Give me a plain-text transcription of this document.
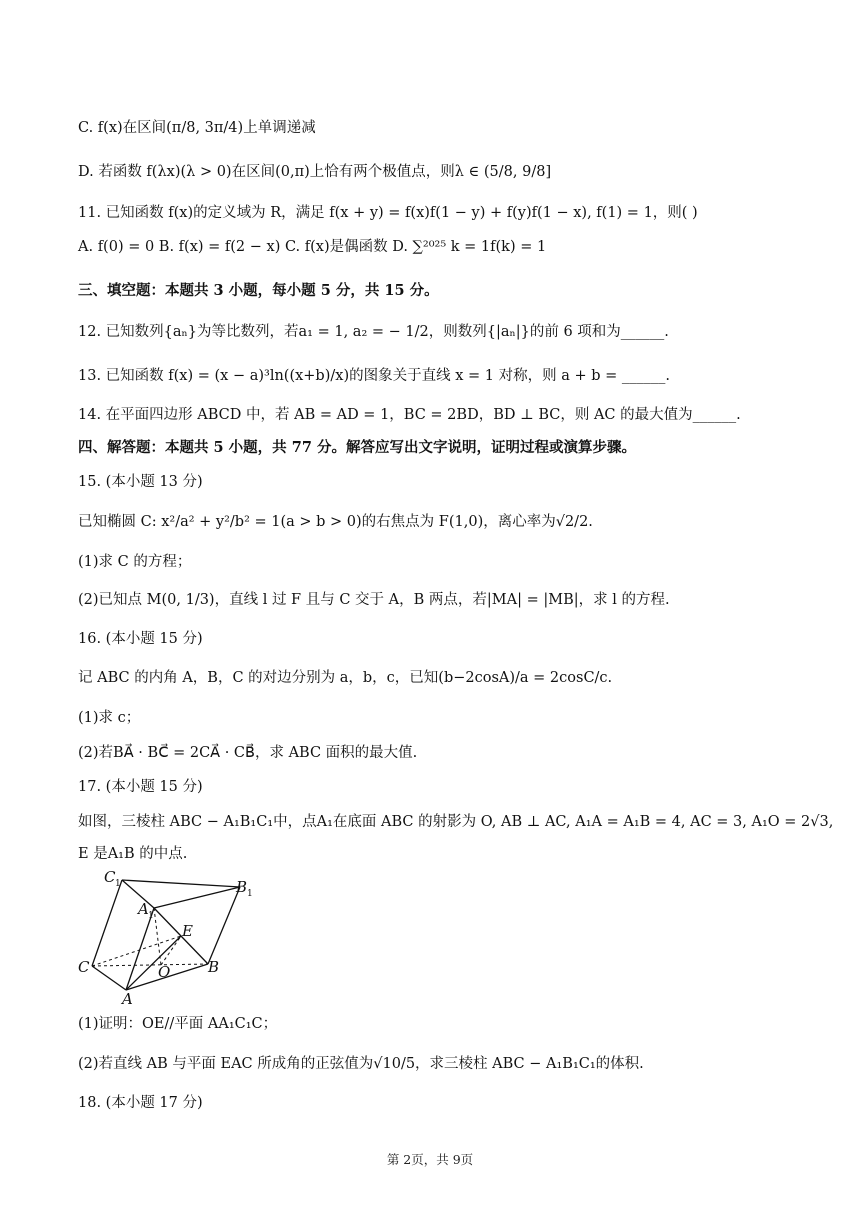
C. f(x)在区间(π/8, 3π/4)上单调递减
D. 若函数 f(λx)(λ > 0)在区间(0,π)上恰有两个极值点，则λ ∈ (5/8, 9/8]
11. 已知函数 f(x)的定义域为 R，满足 f(x + y) = f(x)f(1 − y) + f(y)f(1 − x), f(1) = 1，则( )
A. f(0) = 0 B. f(x) = f(2 − x) C. f(x)是偶函数 D. ∑²⁰²⁵ k = 1f(k) = 1
三、填空题：本题共 3 小题，每小题 5 分，共 15 分。
12. 已知数列{aₙ}为等比数列，若a₁ = 1, a₂ = − 1/2，则数列{|aₙ|}的前 6 项和为______.
13. 已知函数 f(x) = (x − a)³ln((x+b)/x)的图象关于直线 x = 1 对称，则 a + b = ______.
14. 在平面四边形 ABCD 中，若 AB = AD = 1，BC = 2BD，BD ⊥ BC，则 AC 的最大值为______.
四、解答题：本题共 5 小题，共 77 分。解答应写出文字说明，证明过程或演算步骤。
15. (本小题 13 分)
已知椭圆 C: x²/a² + y²/b² = 1(a > b > 0)的右焦点为 F(1,0)，离心率为√2/2.
(1)求 C 的方程；
(2)已知点 M(0, 1/3)，直线 l 过 F 且与 C 交于 A，B 两点，若|MA| = |MB|，求 l 的方程.
16. (本小题 15 分)
记 ABC 的内角 A，B，C 的对边分别为 a，b，c，已知(b−2cosA)/a = 2cosC/c.
(1)求 c；
(2)若BA⃗ · BC⃗ = 2CA⃗ · CB⃗，求 ABC 面积的最大值.
17. (本小题 15 分)
如图，三棱柱 ABC − A₁B₁C₁中，点A₁在底面 ABC 的射影为 O, AB ⊥ AC, A₁A = A₁B = 4, AC = 3, A₁O = 2√3,
E 是A₁B 的中点.
C 1	B 1
A 1
E
C	O	B
A
(1)证明：OE//平面 AA₁C₁C；
(2)若直线 AB 与平面 EAC 所成角的正弦值为√10/5，求三棱柱 ABC − A₁B₁C₁的体积.
18. (本小题 17 分)
第 2页，共 9页
